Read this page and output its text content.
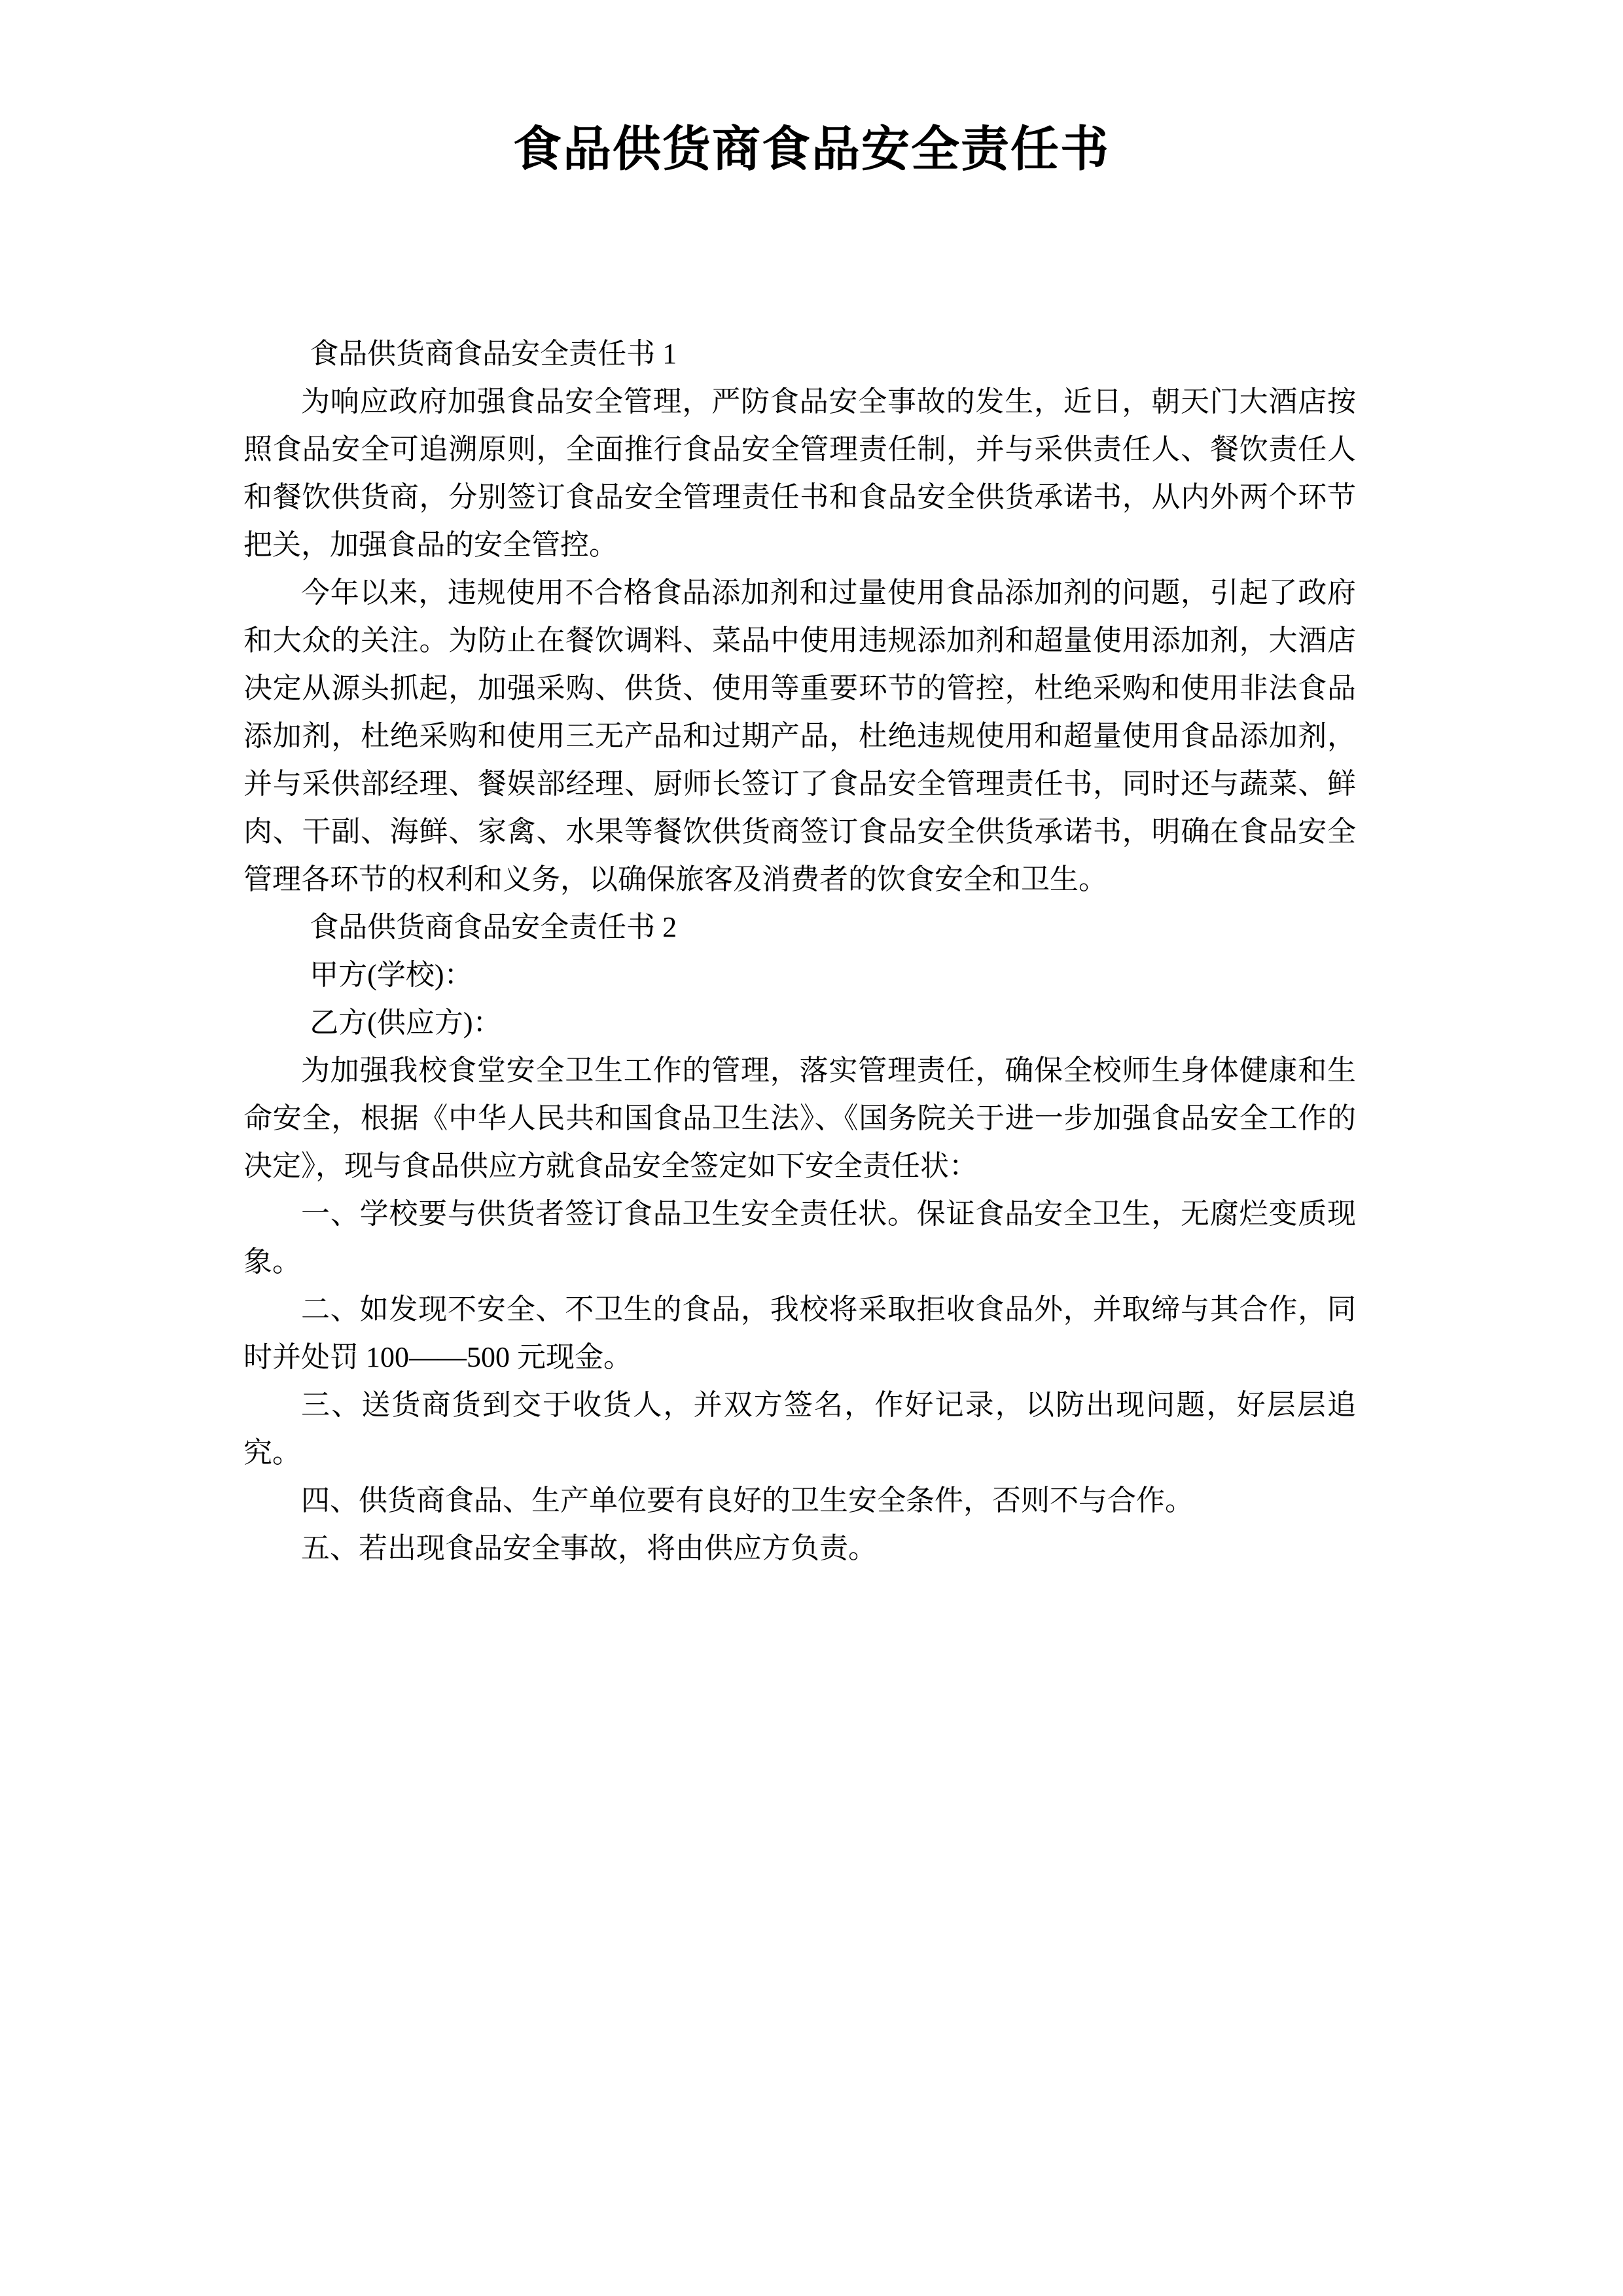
食品供货商食品安全责任书

食品供货商食品安全责任书 1

为响应政府加强食品安全管理，严防食品安全事故的发生，近日，朝天门大酒店按照食品安全可追溯原则，全面推行食品安全管理责任制，并与采供责任人、餐饮责任人和餐饮供货商，分别签订食品安全管理责任书和食品安全供货承诺书，从内外两个环节把关，加强食品的安全管控。

今年以来，违规使用不合格食品添加剂和过量使用食品添加剂的问题，引起了政府和大众的关注。为防止在餐饮调料、菜品中使用违规添加剂和超量使用添加剂，大酒店决定从源头抓起，加强采购、供货、使用等重要环节的管控，杜绝采购和使用非法食品添加剂，杜绝采购和使用三无产品和过期产品，杜绝违规使用和超量使用食品添加剂，并与采供部经理、餐娱部经理、厨师长签订了食品安全管理责任书，同时还与蔬菜、鲜肉、干副、海鲜、家禽、水果等餐饮供货商签订食品安全供货承诺书，明确在食品安全管理各环节的权利和义务，以确保旅客及消费者的饮食安全和卫生。

食品供货商食品安全责任书 2

甲方(学校)：

乙方(供应方)：

为加强我校食堂安全卫生工作的管理，落实管理责任，确保全校师生身体健康和生命安全，根据《中华人民共和国食品卫生法》、《国务院关于进一步加强食品安全工作的决定》，现与食品供应方就食品安全签定如下安全责任状：

一、学校要与供货者签订食品卫生安全责任状。保证食品安全卫生，无腐烂变质现象。

二、如发现不安全、不卫生的食品，我校将采取拒收食品外，并取缔与其合作，同时并处罚 100——500 元现金。

三、送货商货到交于收货人，并双方签名，作好记录，以防出现问题，好层层追究。

四、供货商食品、生产单位要有良好的卫生安全条件，否则不与合作。

五、若出现食品安全事故，将由供应方负责。
